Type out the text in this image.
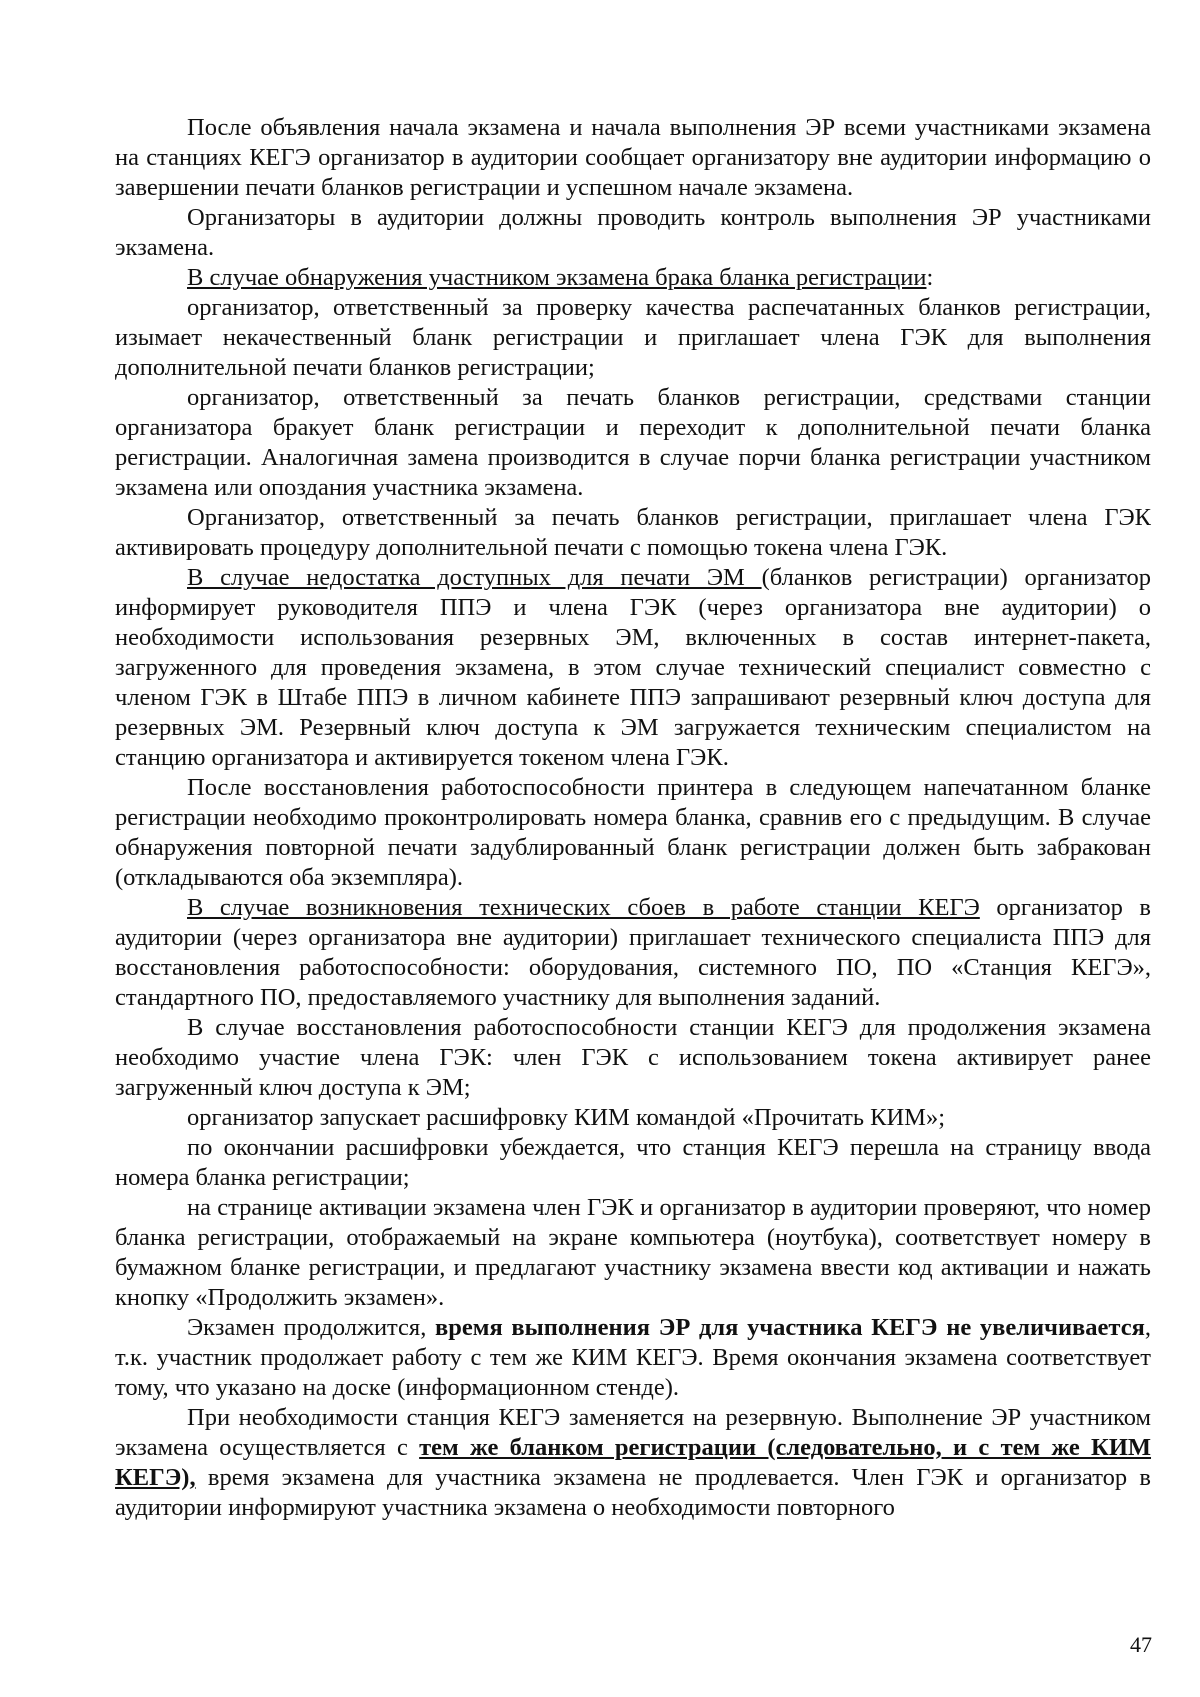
После объявления начала экзамена и начала выполнения ЭР всеми участниками экзамена на станциях КЕГЭ организатор в аудитории сообщает организатору вне аудитории информацию о завершении печати бланков регистрации и успешном начале экзамена.

Организаторы в аудитории должны проводить контроль выполнения ЭР участниками экзамена.

В случае обнаружения участником экзамена брака бланка регистрации:

организатор, ответственный за проверку качества распечатанных бланков регистрации, изымает некачественный бланк регистрации и приглашает члена ГЭК для выполнения дополнительной печати бланков регистрации;

организатор, ответственный за печать бланков регистрации, средствами станции организатора бракует бланк регистрации и переходит к дополнительной печати бланка регистрации. Аналогичная замена производится в случае порчи бланка регистрации участником экзамена или опоздания участника экзамена.

Организатор, ответственный за печать бланков регистрации, приглашает члена ГЭК активировать процедуру дополнительной печати с помощью токена члена ГЭК.

В случае недостатка доступных для печати ЭМ (бланков регистрации) организатор информирует руководителя ППЭ и члена ГЭК (через организатора вне аудитории) о необходимости использования резервных ЭМ, включенных в состав интернет-пакета, загруженного для проведения экзамена, в этом случае технический специалист совместно с членом ГЭК в Штабе ППЭ в личном кабинете ППЭ запрашивают резервный ключ доступа для резервных ЭМ. Резервный ключ доступа к ЭМ загружается техническим специалистом на станцию организатора и активируется токеном члена ГЭК.

После восстановления работоспособности принтера в следующем напечатанном бланке регистрации необходимо проконтролировать номера бланка, сравнив его с предыдущим. В случае обнаружения повторной печати задублированный бланк регистрации должен быть забракован (откладываются оба экземпляра).

В случае возникновения технических сбоев в работе станции КЕГЭ организатор в аудитории (через организатора вне аудитории) приглашает технического специалиста ППЭ для восстановления работоспособности: оборудования, системного ПО, ПО «Станция КЕГЭ», стандартного ПО, предоставляемого участнику для выполнения заданий.

В случае восстановления работоспособности станции КЕГЭ для продолжения экзамена необходимо участие члена ГЭК: член ГЭК с использованием токена активирует ранее загруженный ключ доступа к ЭМ;

организатор запускает расшифровку КИМ командой «Прочитать КИМ»;

по окончании расшифровки убеждается, что станция КЕГЭ перешла на страницу ввода номера бланка регистрации;

на странице активации экзамена член ГЭК и организатор в аудитории проверяют, что номер бланка регистрации, отображаемый на экране компьютера (ноутбука), соответствует номеру в бумажном бланке регистрации, и предлагают участнику экзамена ввести код активации и нажать кнопку «Продолжить экзамен».

Экзамен продолжится, время выполнения ЭР для участника КЕГЭ не увеличивается, т.к. участник продолжает работу с тем же КИМ КЕГЭ. Время окончания экзамена соответствует тому, что указано на доске (информационном стенде).

При необходимости станция КЕГЭ заменяется на резервную. Выполнение ЭР участником экзамена осуществляется с тем же бланком регистрации (следовательно, и с тем же КИМ КЕГЭ), время экзамена для участника экзамена не продлевается. Член ГЭК и организатор в аудитории информируют участника экзамена о необходимости повторного

47
